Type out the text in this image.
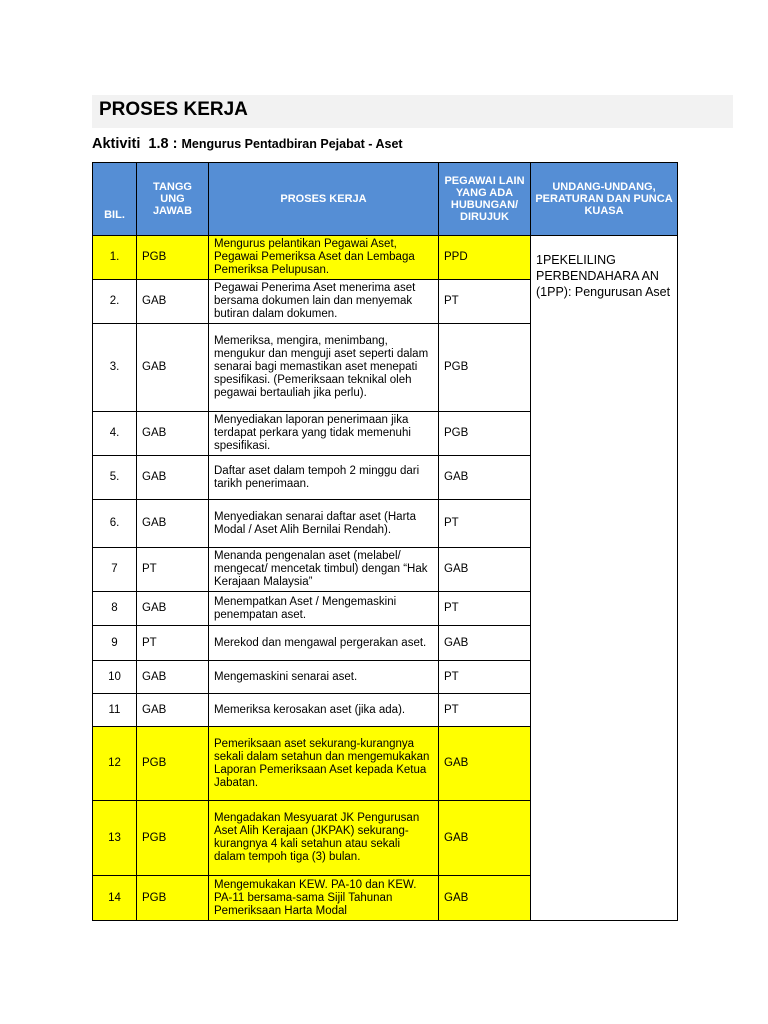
PROSES KERJA
Aktiviti 1.8 : Mengurus Pentadbiran Pejabat - Aset
BIL.	TANGG UNG JAWAB	PROSES KERJA	PEGAWAI LAIN YANG ADA HUBUNGAN/ DIRUJUK	UNDANG-UNDANG, PERATURAN DAN PUNCA KUASA
1.	PGB	Mengurus pelantikan Pegawai Aset, Pegawai Pemeriksa Aset dan Lembaga Pemeriksa Pelupusan.	PPD	1PEKELILING PERBENDAHARA AN (1PP): Pengurusan Aset
2.	GAB	Pegawai Penerima Aset menerima aset bersama dokumen lain dan menyemak butiran dalam dokumen.	PT	
3.	GAB	Memeriksa, mengira, menimbang, mengukur dan menguji aset seperti dalam senarai bagi memastikan aset menepati spesifikasi. (Pemeriksaan teknikal oleh pegawai bertauliah jika perlu).	PGB	
4.	GAB	Menyediakan laporan penerimaan jika terdapat perkara yang tidak memenuhi spesifikasi.	PGB	
5.	GAB	Daftar aset dalam tempoh 2 minggu dari tarikh penerimaan.	GAB	
6.	GAB	Menyediakan senarai daftar aset (Harta Modal / Aset Alih Bernilai Rendah).	PT	
7	PT	Menanda pengenalan aset (melabel/ mengecat/ mencetak timbul) dengan “Hak Kerajaan Malaysia”	GAB	
8	GAB	Menempatkan Aset / Mengemaskini penempatan aset.	PT	
9	PT	Merekod dan mengawal pergerakan aset.	GAB	
10	GAB	Mengemaskini senarai aset.	PT	
11	GAB	Memeriksa kerosakan aset (jika ada).	PT	
12	PGB	Pemeriksaan aset sekurang-kurangnya sekali dalam setahun dan mengemukakan Laporan Pemeriksaan Aset kepada Ketua Jabatan.	GAB	
13	PGB	Mengadakan Mesyuarat JK Pengurusan Aset Alih Kerajaan (JKPAK) sekurang-kurangnya 4 kali setahun atau sekali dalam tempoh tiga (3) bulan.	GAB	
14	PGB	Mengemukakan KEW. PA-10 dan KEW. PA-11 bersama-sama Sijil Tahunan Pemeriksaan Harta Modal	GAB	
